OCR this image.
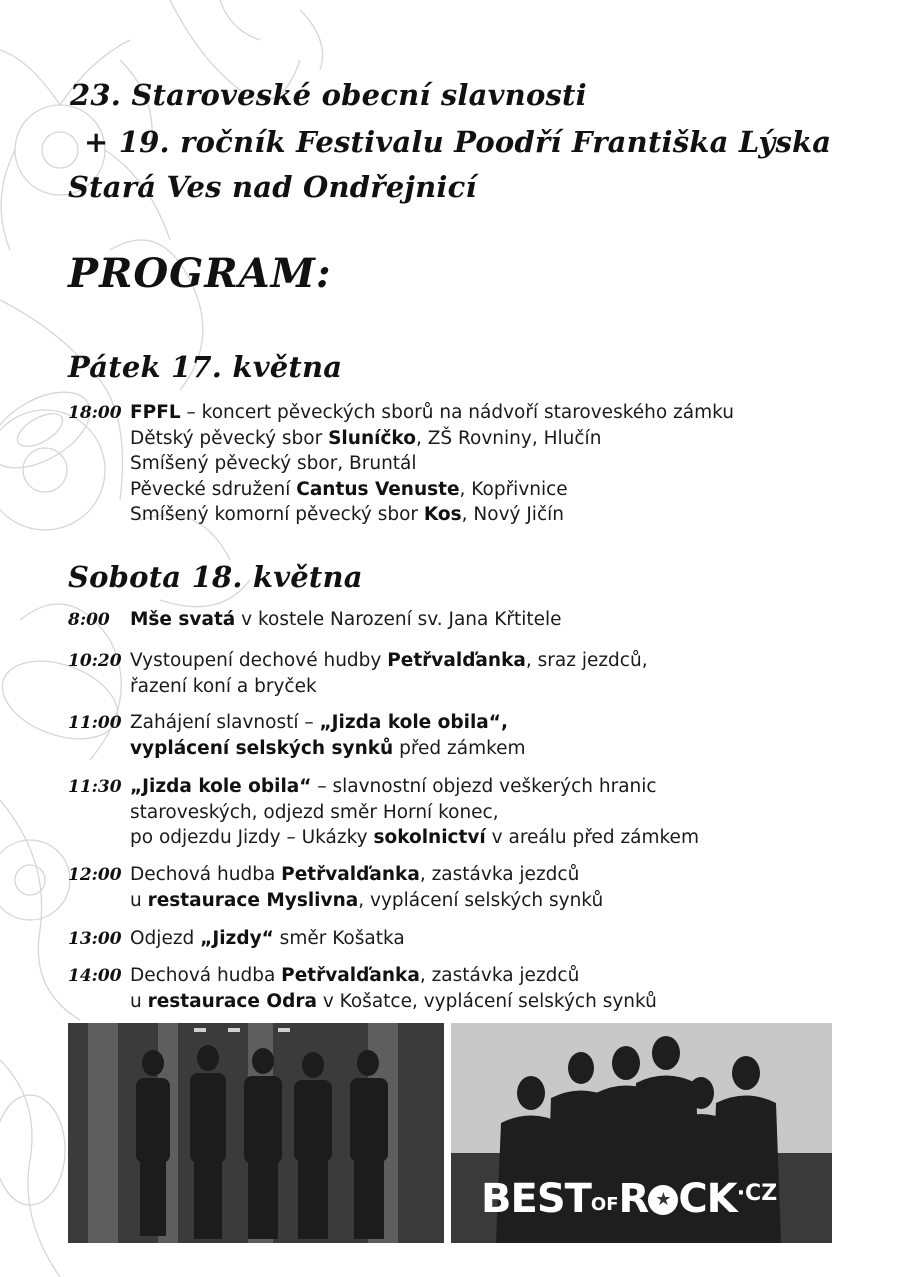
23. Staroveské obecní slavnosti
+ 19. ročník Festivalu Poodří Františka Lýska
Stará Ves nad Ondřejnicí
PROGRAM:
Pátek 17. května
18:00 FPFL – koncert pěveckých sborů na nádvoří staroveského zámku
Dětský pěvecký sbor Sluníčko, ZŠ Rovniny, Hlučín
Smíšený pěvecký sbor, Bruntál
Pěvecké sdružení Cantus Venuste, Kopřivnice
Smíšený komorní pěvecký sbor Kos, Nový Jičín
Sobota 18. května
8:00	Mše svatá v kostele Narození sv. Jana Křtitele
10:20 Vystoupení dechové hudby Petřvalďanka, sraz jezdců,
řazení koní a bryček
11:00 Zahájení slavností – „Jizda kole obila“,
vyplácení selských synků před zámkem
11:30 „Jizda kole obila“ – slavnostní objezd veškerých hranic
staroveských, odjezd směr Horní konec,
po odjezdu Jizdy – Ukázky sokolnictví v areálu před zámkem
12:00 Dechová hudba Petřvalďanka, zastávka jezdců
u restaurace Myslivna, vyplácení selských synků
13:00 Odjezd „Jizdy“ směr Košatka
14:00 Dechová hudba Petřvalďanka, zastávka jezdců
u restaurace Odra v Košatce, vyplácení selských synků
BESTOFR ★ $CK^{\cdot CZ}$
